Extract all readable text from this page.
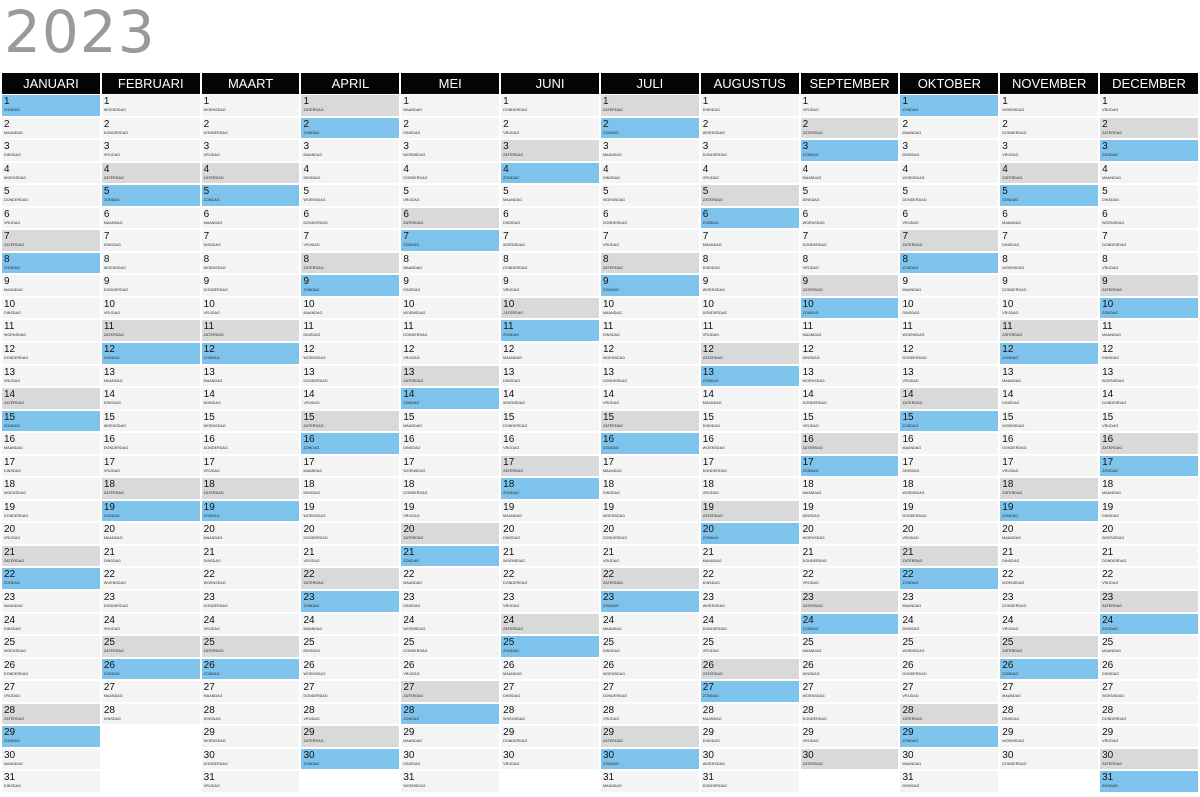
2023
JANUARI
1
ZONDAG
2
MAANDAG
3
DINSDAG
4
WOENSDAG
5
DONDERDAG
6
VRIJDAG
7
ZATERDAG
8
ZONDAG
9
MAANDAG
10
DINSDAG
11
WOENSDAG
12
DONDERDAG
13
VRIJDAG
14
ZATERDAG
15
ZONDAG
16
MAANDAG
17
DINSDAG
18
WOENSDAG
19
DONDERDAG
20
VRIJDAG
21
ZATERDAG
22
ZONDAG
23
MAANDAG
24
DINSDAG
25
WOENSDAG
26
DONDERDAG
27
VRIJDAG
28
ZATERDAG
29
ZONDAG
30
MAANDAG
31
DINSDAG
FEBRUARI
1
WOENSDAG
2
DONDERDAG
3
VRIJDAG
4
ZATERDAG
5
ZONDAG
6
MAANDAG
7
DINSDAG
8
WOENSDAG
9
DONDERDAG
10
VRIJDAG
11
ZATERDAG
12
ZONDAG
13
MAANDAG
14
DINSDAG
15
WOENSDAG
16
DONDERDAG
17
VRIJDAG
18
ZATERDAG
19
ZONDAG
20
MAANDAG
21
DINSDAG
22
WOENSDAG
23
DONDERDAG
24
VRIJDAG
25
ZATERDAG
26
ZONDAG
27
MAANDAG
28
DINSDAG
MAART
1
WOENSDAG
2
DONDERDAG
3
VRIJDAG
4
ZATERDAG
5
ZONDAG
6
MAANDAG
7
DINSDAG
8
WOENSDAG
9
DONDERDAG
10
VRIJDAG
11
ZATERDAG
12
ZONDAG
13
MAANDAG
14
DINSDAG
15
WOENSDAG
16
DONDERDAG
17
VRIJDAG
18
ZATERDAG
19
ZONDAG
20
MAANDAG
21
DINSDAG
22
WOENSDAG
23
DONDERDAG
24
VRIJDAG
25
ZATERDAG
26
ZONDAG
27
MAANDAG
28
DINSDAG
29
WOENSDAG
30
DONDERDAG
31
VRIJDAG
APRIL
1
ZATERDAG
2
ZONDAG
3
MAANDAG
4
DINSDAG
5
WOENSDAG
6
DONDERDAG
7
VRIJDAG
8
ZATERDAG
9
ZONDAG
10
MAANDAG
11
DINSDAG
12
WOENSDAG
13
DONDERDAG
14
VRIJDAG
15
ZATERDAG
16
ZONDAG
17
MAANDAG
18
DINSDAG
19
WOENSDAG
20
DONDERDAG
21
VRIJDAG
22
ZATERDAG
23
ZONDAG
24
MAANDAG
25
DINSDAG
26
WOENSDAG
27
DONDERDAG
28
VRIJDAG
29
ZATERDAG
30
ZONDAG
MEI
1
MAANDAG
2
DINSDAG
3
WOENSDAG
4
DONDERDAG
5
VRIJDAG
6
ZATERDAG
7
ZONDAG
8
MAANDAG
9
DINSDAG
10
WOENSDAG
11
DONDERDAG
12
VRIJDAG
13
ZATERDAG
14
ZONDAG
15
MAANDAG
16
DINSDAG
17
WOENSDAG
18
DONDERDAG
19
VRIJDAG
20
ZATERDAG
21
ZONDAG
22
MAANDAG
23
DINSDAG
24
WOENSDAG
25
DONDERDAG
26
VRIJDAG
27
ZATERDAG
28
ZONDAG
29
MAANDAG
30
DINSDAG
31
WOENSDAG
JUNI
1
DONDERDAG
2
VRIJDAG
3
ZATERDAG
4
ZONDAG
5
MAANDAG
6
DINSDAG
7
WOENSDAG
8
DONDERDAG
9
VRIJDAG
10
ZATERDAG
11
ZONDAG
12
MAANDAG
13
DINSDAG
14
WOENSDAG
15
DONDERDAG
16
VRIJDAG
17
ZATERDAG
18
ZONDAG
19
MAANDAG
20
DINSDAG
21
WOENSDAG
22
DONDERDAG
23
VRIJDAG
24
ZATERDAG
25
ZONDAG
26
MAANDAG
27
DINSDAG
28
WOENSDAG
29
DONDERDAG
30
VRIJDAG
JULI
1
ZATERDAG
2
ZONDAG
3
MAANDAG
4
DINSDAG
5
WOENSDAG
6
DONDERDAG
7
VRIJDAG
8
ZATERDAG
9
ZONDAG
10
MAANDAG
11
DINSDAG
12
WOENSDAG
13
DONDERDAG
14
VRIJDAG
15
ZATERDAG
16
ZONDAG
17
MAANDAG
18
DINSDAG
19
WOENSDAG
20
DONDERDAG
21
VRIJDAG
22
ZATERDAG
23
ZONDAG
24
MAANDAG
25
DINSDAG
26
WOENSDAG
27
DONDERDAG
28
VRIJDAG
29
ZATERDAG
30
ZONDAG
31
MAANDAG
AUGUSTUS
1
DINSDAG
2
WOENSDAG
3
DONDERDAG
4
VRIJDAG
5
ZATERDAG
6
ZONDAG
7
MAANDAG
8
DINSDAG
9
WOENSDAG
10
DONDERDAG
11
VRIJDAG
12
ZATERDAG
13
ZONDAG
14
MAANDAG
15
DINSDAG
16
WOENSDAG
17
DONDERDAG
18
VRIJDAG
19
ZATERDAG
20
ZONDAG
21
MAANDAG
22
DINSDAG
23
WOENSDAG
24
DONDERDAG
25
VRIJDAG
26
ZATERDAG
27
ZONDAG
28
MAANDAG
29
DINSDAG
30
WOENSDAG
31
DONDERDAG
SEPTEMBER
1
VRIJDAG
2
ZATERDAG
3
ZONDAG
4
MAANDAG
5
DINSDAG
6
WOENSDAG
7
DONDERDAG
8
VRIJDAG
9
ZATERDAG
10
ZONDAG
11
MAANDAG
12
DINSDAG
13
WOENSDAG
14
DONDERDAG
15
VRIJDAG
16
ZATERDAG
17
ZONDAG
18
MAANDAG
19
DINSDAG
20
WOENSDAG
21
DONDERDAG
22
VRIJDAG
23
ZATERDAG
24
ZONDAG
25
MAANDAG
26
DINSDAG
27
WOENSDAG
28
DONDERDAG
29
VRIJDAG
30
ZATERDAG
OKTOBER
1
ZONDAG
2
MAANDAG
3
DINSDAG
4
WOENSDAG
5
DONDERDAG
6
VRIJDAG
7
ZATERDAG
8
ZONDAG
9
MAANDAG
10
DINSDAG
11
WOENSDAG
12
DONDERDAG
13
VRIJDAG
14
ZATERDAG
15
ZONDAG
16
MAANDAG
17
DINSDAG
18
WOENSDAG
19
DONDERDAG
20
VRIJDAG
21
ZATERDAG
22
ZONDAG
23
MAANDAG
24
DINSDAG
25
WOENSDAG
26
DONDERDAG
27
VRIJDAG
28
ZATERDAG
29
ZONDAG
30
MAANDAG
31
DINSDAG
NOVEMBER
1
WOENSDAG
2
DONDERDAG
3
VRIJDAG
4
ZATERDAG
5
ZONDAG
6
MAANDAG
7
DINSDAG
8
WOENSDAG
9
DONDERDAG
10
VRIJDAG
11
ZATERDAG
12
ZONDAG
13
MAANDAG
14
DINSDAG
15
WOENSDAG
16
DONDERDAG
17
VRIJDAG
18
ZATERDAG
19
ZONDAG
20
MAANDAG
21
DINSDAG
22
WOENSDAG
23
DONDERDAG
24
VRIJDAG
25
ZATERDAG
26
ZONDAG
27
MAANDAG
28
DINSDAG
29
WOENSDAG
30
DONDERDAG
DECEMBER
1
VRIJDAG
2
ZATERDAG
3
ZONDAG
4
MAANDAG
5
DINSDAG
6
WOENSDAG
7
DONDERDAG
8
VRIJDAG
9
ZATERDAG
10
ZONDAG
11
MAANDAG
12
DINSDAG
13
WOENSDAG
14
DONDERDAG
15
VRIJDAG
16
ZATERDAG
17
ZONDAG
18
MAANDAG
19
DINSDAG
20
WOENSDAG
21
DONDERDAG
22
VRIJDAG
23
ZATERDAG
24
ZONDAG
25
MAANDAG
26
DINSDAG
27
WOENSDAG
28
DONDERDAG
29
VRIJDAG
30
ZATERDAG
31
ZONDAG
